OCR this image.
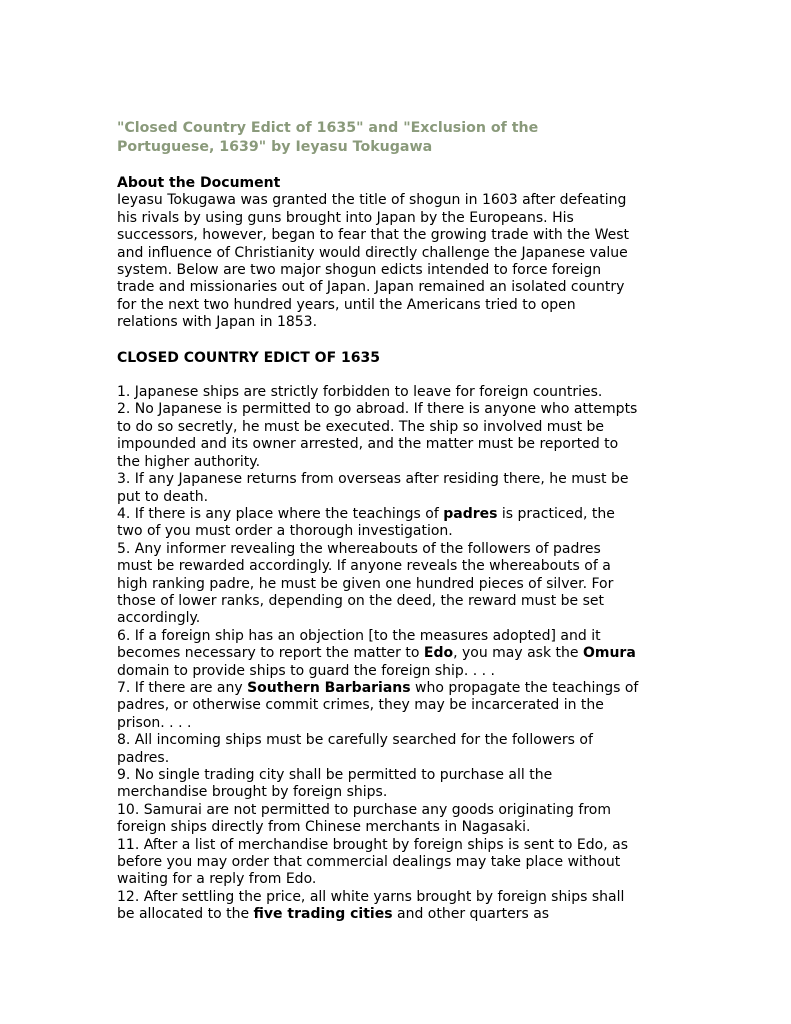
"Closed Country Edict of 1635" and "Exclusion of the Portuguese, 1639" by Ieyasu Tokugawa

About the Document

Ieyasu Tokugawa was granted the title of shogun in 1603 after defeating his rivals by using guns brought into Japan by the Europeans. His successors, however, began to fear that the growing trade with the West and influence of Christianity would directly challenge the Japanese value system. Below are two major shogun edicts intended to force foreign trade and missionaries out of Japan. Japan remained an isolated country for the next two hundred years, until the Americans tried to open relations with Japan in 1853.

CLOSED COUNTRY EDICT OF 1635

1. Japanese ships are strictly forbidden to leave for foreign countries.

2. No Japanese is permitted to go abroad. If there is anyone who attempts to do so secretly, he must be executed. The ship so involved must be impounded and its owner arrested, and the matter must be reported to the higher authority.

3. If any Japanese returns from overseas after residing there, he must be put to death.

4. If there is any place where the teachings of padres is practiced, the two of you must order a thorough investigation.

5. Any informer revealing the whereabouts of the followers of padres must be rewarded accordingly. If anyone reveals the whereabouts of a high ranking padre, he must be given one hundred pieces of silver. For those of lower ranks, depending on the deed, the reward must be set accordingly.

6. If a foreign ship has an objection [to the measures adopted] and it becomes necessary to report the matter to Edo, you may ask the Omura domain to provide ships to guard the foreign ship. . . .

7. If there are any Southern Barbarians who propagate the teachings of padres, or otherwise commit crimes, they may be incarcerated in the prison. . . .

8. All incoming ships must be carefully searched for the followers of padres.

9. No single trading city shall be permitted to purchase all the merchandise brought by foreign ships.

10. Samurai are not permitted to purchase any goods originating from foreign ships directly from Chinese merchants in Nagasaki.

11. After a list of merchandise brought by foreign ships is sent to Edo, as before you may order that commercial dealings may take place without waiting for a reply from Edo.

12. After settling the price, all white yarns brought by foreign ships shall be allocated to the five trading cities and other quarters as
